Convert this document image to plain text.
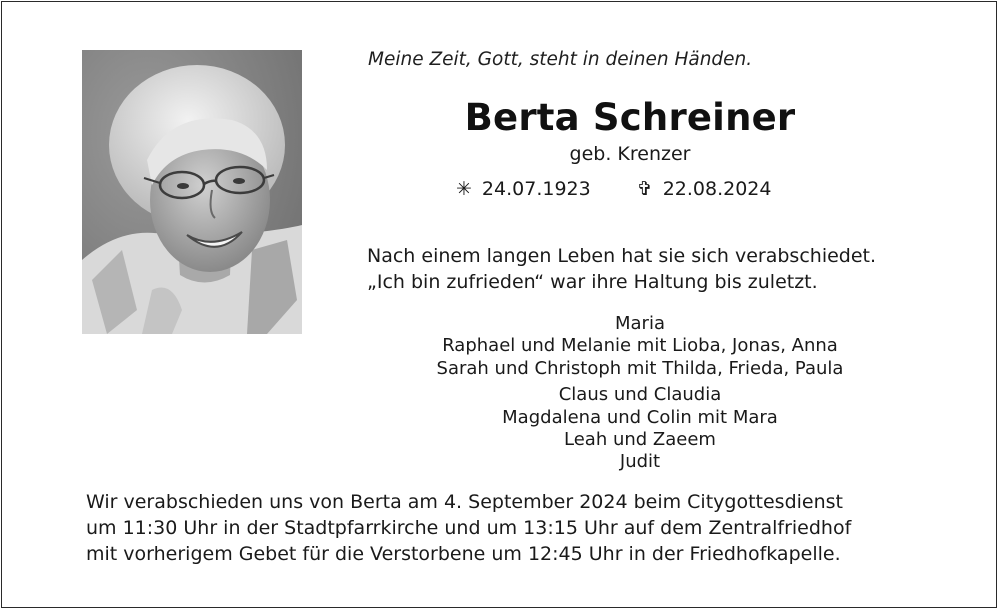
Meine Zeit, Gott, steht in deinen Händen.
Berta Schreiner
geb. Krenzer
✳ 24.07.1923 ✞ 22.08.2024
Nach einem langen Leben hat sie sich verabschiedet.
„Ich bin zufrieden“ war ihre Haltung bis zuletzt.
Maria
Raphael und Melanie mit Lioba, Jonas, Anna
Sarah und Christoph mit Thilda, Frieda, Paula
Claus und Claudia
Magdalena und Colin mit Mara
Leah und Zaeem
Judit
Wir verabschieden uns von Berta am 4. September 2024 beim Citygottesdienst
um 11:30 Uhr in der Stadtpfarrkirche und um 13:15 Uhr auf dem Zentralfriedhof
mit vorherigem Gebet für die Verstorbene um 12:45 Uhr in der Friedhofkapelle.
